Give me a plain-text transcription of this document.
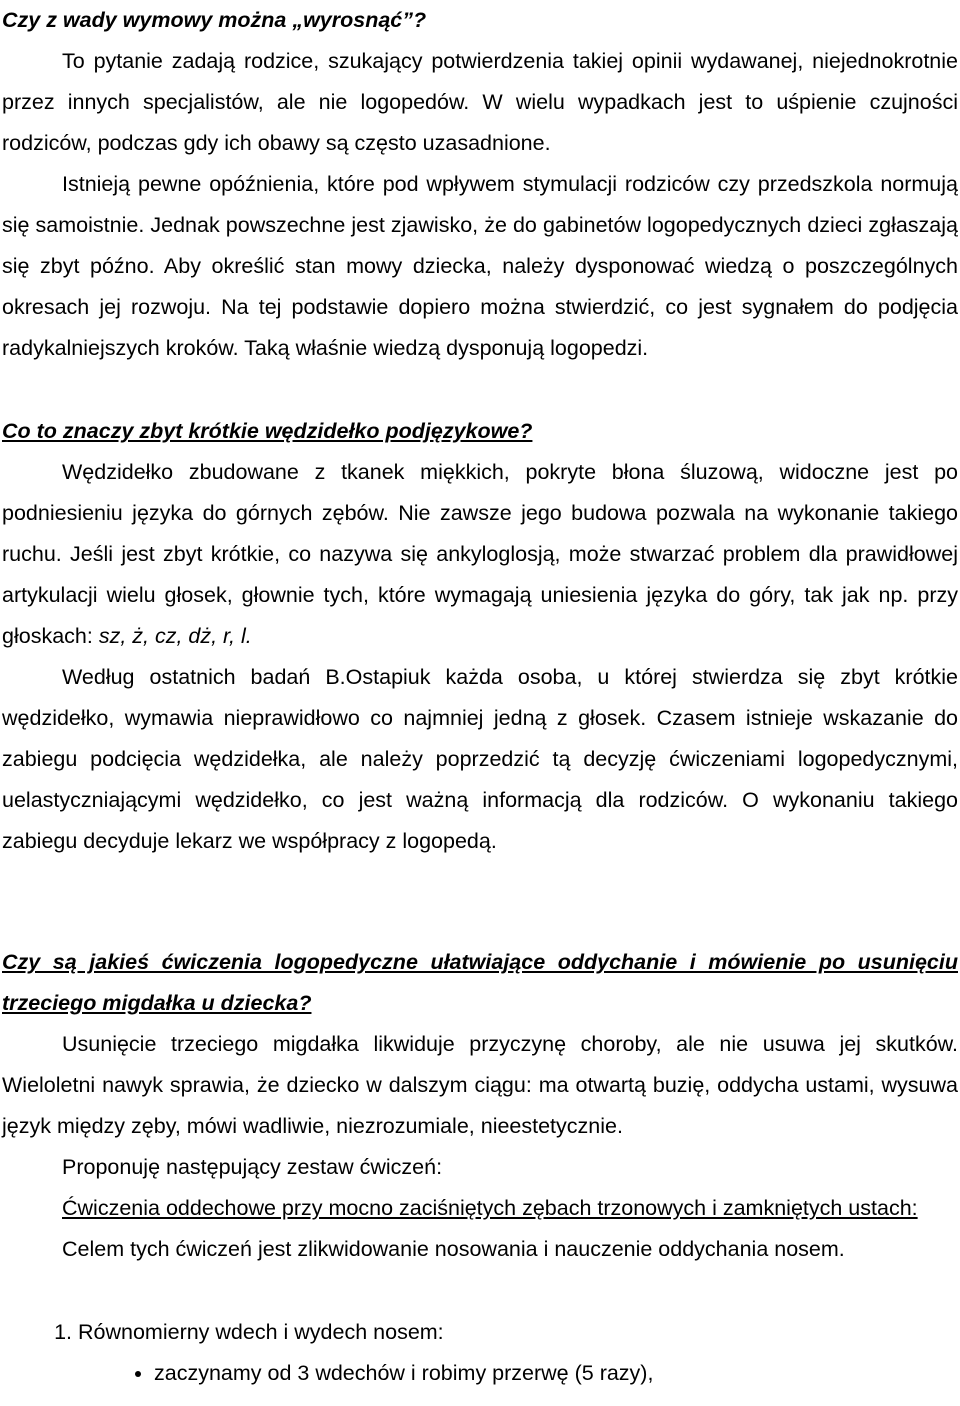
Czy z wady wymowy można „wyrosnąć”?

To pytanie zadają rodzice, szukający potwierdzenia takiej opinii wydawanej, niejednokrotnie przez innych specjalistów, ale nie logopedów. W wielu wypadkach jest to uśpienie czujności rodziców, podczas gdy ich obawy są często uzasadnione.

Istnieją pewne opóźnienia, które pod wpływem stymulacji rodziców czy przedszkola normują się samoistnie. Jednak powszechne jest zjawisko, że do gabinetów logopedycznych dzieci zgłaszają się zbyt późno. Aby określić stan mowy dziecka, należy dysponować wiedzą o poszczególnych okresach jej rozwoju. Na tej podstawie dopiero można stwierdzić, co jest sygnałem do podjęcia radykalniejszych kroków. Taką właśnie wiedzą dysponują logopedzi.

Co to znaczy zbyt krótkie wędzidełko podjęzykowe?

Wędzidełko zbudowane z tkanek miękkich, pokryte błona śluzową, widoczne jest po podniesieniu języka do górnych zębów. Nie zawsze jego budowa pozwala na wykonanie takiego ruchu. Jeśli jest zbyt krótkie, co nazywa się ankyloglosją, może stwarzać problem dla prawidłowej artykulacji wielu głosek, głownie tych, które wymagają uniesienia języka do góry, tak jak np. przy głoskach: sz, ż, cz, dż, r, l.

Według ostatnich badań B.Ostapiuk każda osoba, u której stwierdza się zbyt krótkie wędzidełko, wymawia nieprawidłowo co najmniej jedną z głosek. Czasem istnieje wskazanie do zabiegu podcięcia wędzidełka, ale należy poprzedzić tą decyzję ćwiczeniami logopedycznymi, uelastyczniającymi wędzidełko, co jest ważną informacją dla rodziców. O wykonaniu takiego zabiegu decyduje lekarz we współpracy z logopedą.

Czy są jakieś ćwiczenia logopedyczne ułatwiające oddychanie i mówienie po usunięciu trzeciego migdałka u dziecka?

Usunięcie trzeciego migdałka likwiduje przyczynę choroby, ale nie usuwa jej skutków. Wieloletni nawyk sprawia, że dziecko w dalszym ciągu: ma otwartą buzię, oddycha ustami, wysuwa język między zęby, mówi wadliwie, niezrozumiale, nieestetycznie.

Proponuję następujący zestaw ćwiczeń:

Ćwiczenia oddechowe przy mocno zaciśniętych zębach trzonowych i zamkniętych ustach:

Celem tych ćwiczeń jest zlikwidowanie nosowania i nauczenie oddychania nosem.

1. Równomierny wdech i wydech nosem:
• zaczynamy od 3 wdechów i robimy przerwę (5 razy),
